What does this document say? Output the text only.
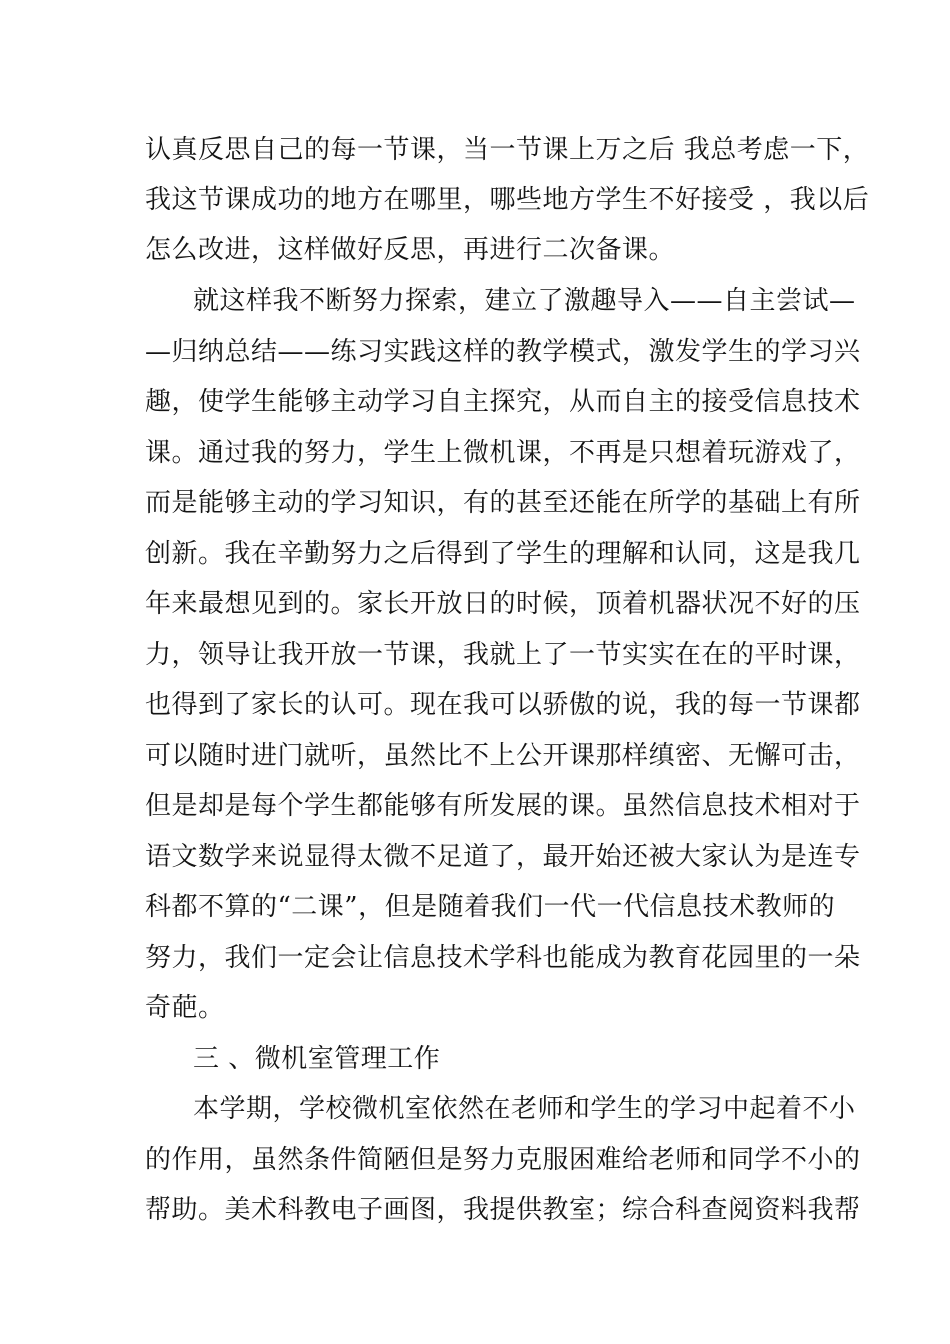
认真反思自己的每一节课，当一节课上万之后 我总考虑一下，
我这节课成功的地方在哪里，哪些地方学生不好接受 ，我以后
怎么改进，这样做好反思，再进行二次备课。
就这样我不断努力探索，建立了激趣导入——自主尝试—
—归纳总结——练习实践这样的教学模式，激发学生的学习兴
趣，使学生能够主动学习自主探究，从而自主的接受信息技术
课。通过我的努力，学生上微机课，不再是只想着玩游戏了，
而是能够主动的学习知识，有的甚至还能在所学的基础上有所
创新。我在辛勤努力之后得到了学生的理解和认同，这是我几
年来最想见到的。家长开放日的时候，顶着机器状况不好的压
力，领导让我开放一节课，我就上了一节实实在在的平时课，
也得到了家长的认可。现在我可以骄傲的说，我的每一节课都
可以随时进门就听，虽然比不上公开课那样缜密、无懈可击，
但是却是每个学生都能够有所发展的课。虽然信息技术相对于
语文数学来说显得太微不足道了，最开始还被大家认为是连专
科都不算的“二课”，但是随着我们一代一代信息技术教师的
努力，我们一定会让信息技术学科也能成为教育花园里的一朵
奇葩。
三 、微机室管理工作
本学期，学校微机室依然在老师和学生的学习中起着不小
的作用，虽然条件简陋但是努力克服困难给老师和同学不小的
帮助。美术科教电子画图，我提供教室；综合科查阅资料我帮
